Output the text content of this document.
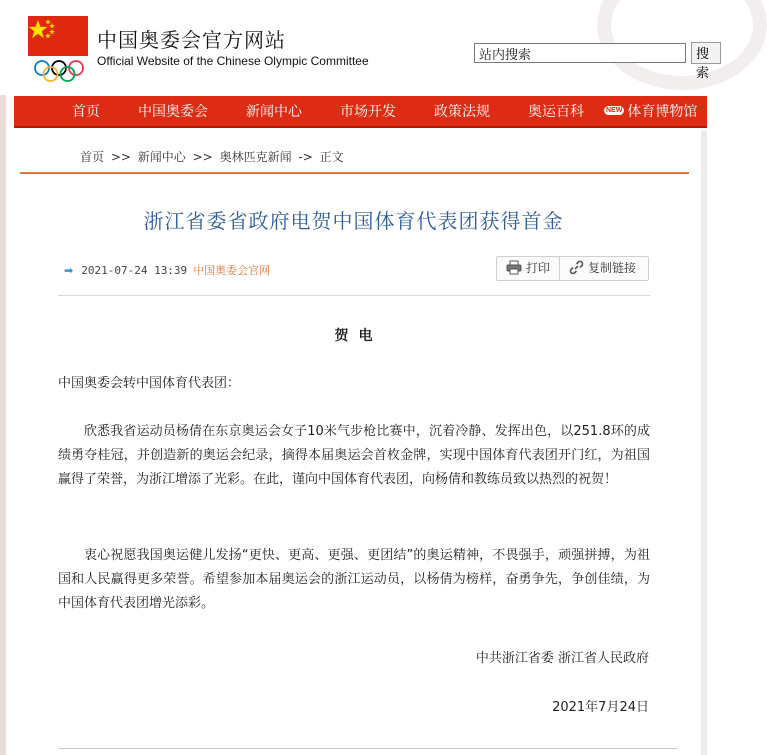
中国奥委会官方网站
Official Website of the Chinese Olympic Committee
站内搜索	搜索
首页	中国奥委会	新闻中心	市场开发	政策法规	奥运百科	NEW 体育博物馆
首页 >> 新闻中心 >> 奥林匹克新闻 -> 正文
浙江省委省政府电贺中国体育代表团获得首金
➡ 2021-07-24 13:39 中国奥委会官网	打印	复制链接
贺电

中国奥委会转中国体育代表团：

欣悉我省运动员杨倩在东京奥运会女子10米气步枪比赛中，沉着冷静、发挥出色，以251.8环的成绩勇夺桂冠，并创造新的奥运会纪录，摘得本届奥运会首枚金牌，实现中国体育代表团开门红，为祖国赢得了荣誉，为浙江增添了光彩。在此，谨向中国体育代表团，向杨倩和教练员致以热烈的祝贺！

衷心祝愿我国奥运健儿发扬“更快、更高、更强、更团结”的奥运精神，不畏强手，顽强拼搏，为祖国和人民赢得更多荣誉。希望参加本届奥运会的浙江运动员，以杨倩为榜样，奋勇争先，争创佳绩，为中国体育代表团增光添彩。

中共浙江省委 浙江省人民政府
2021年7月24日
